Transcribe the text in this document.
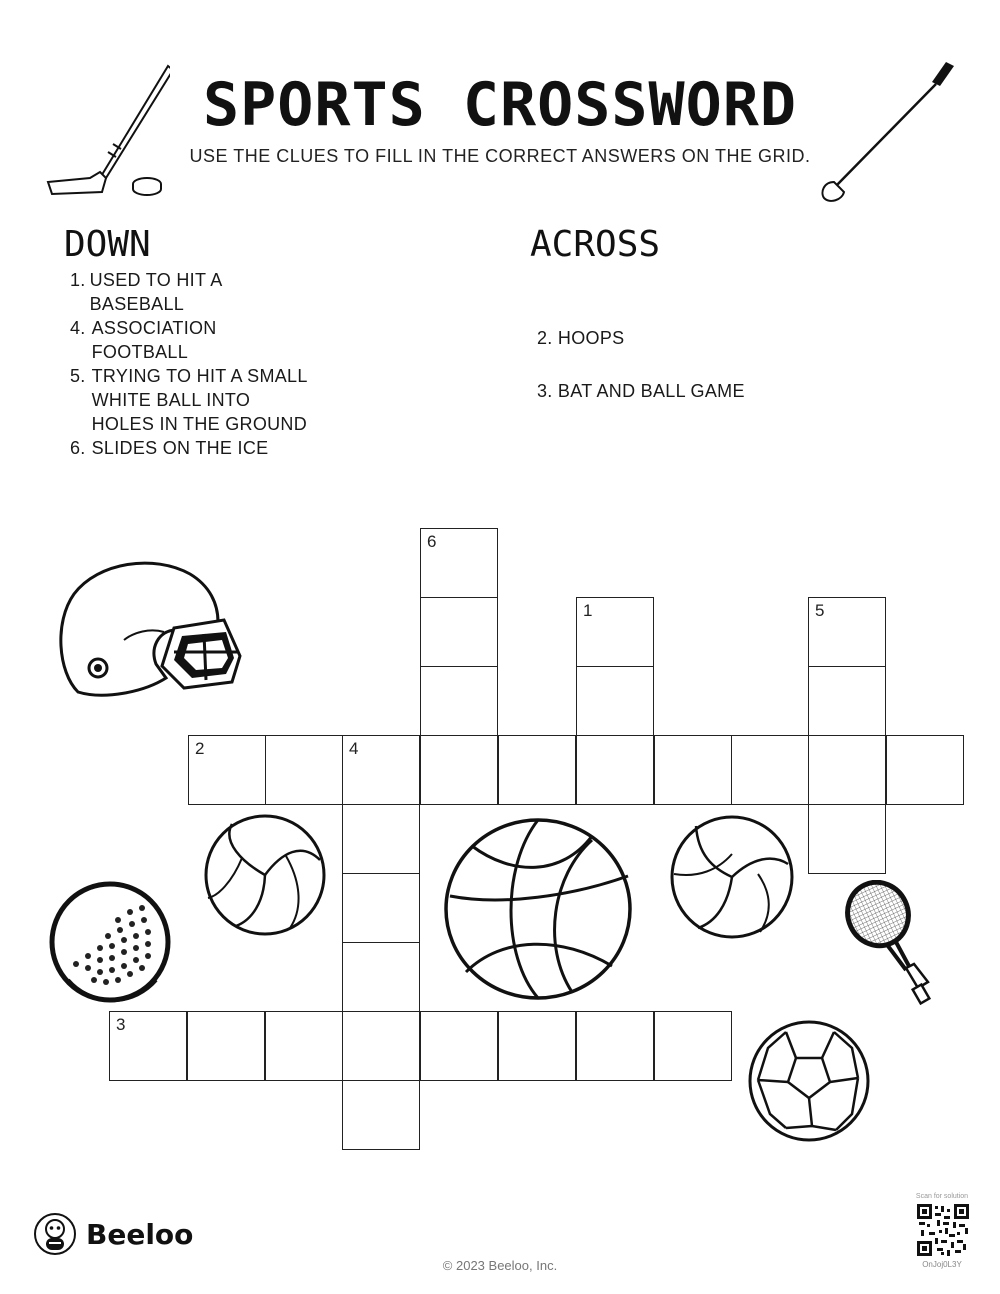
SPORTS CROSSWORD
USE THE CLUES TO FILL IN THE CORRECT ANSWERS ON THE GRID.
DOWN
1. USED TO HIT A BASEBALL
4. ASSOCIATION FOOTBALL
5. TRYING TO HIT A SMALL WHITE BALL INTO HOLES IN THE GROUND
6. SLIDES ON THE ICE
ACROSS
2. HOOPS
3. BAT AND BALL GAME
6
1	5
2	4
3
Beeloo
© 2023 Beeloo, Inc.
Scan for solution
OnJoj0L3Y
